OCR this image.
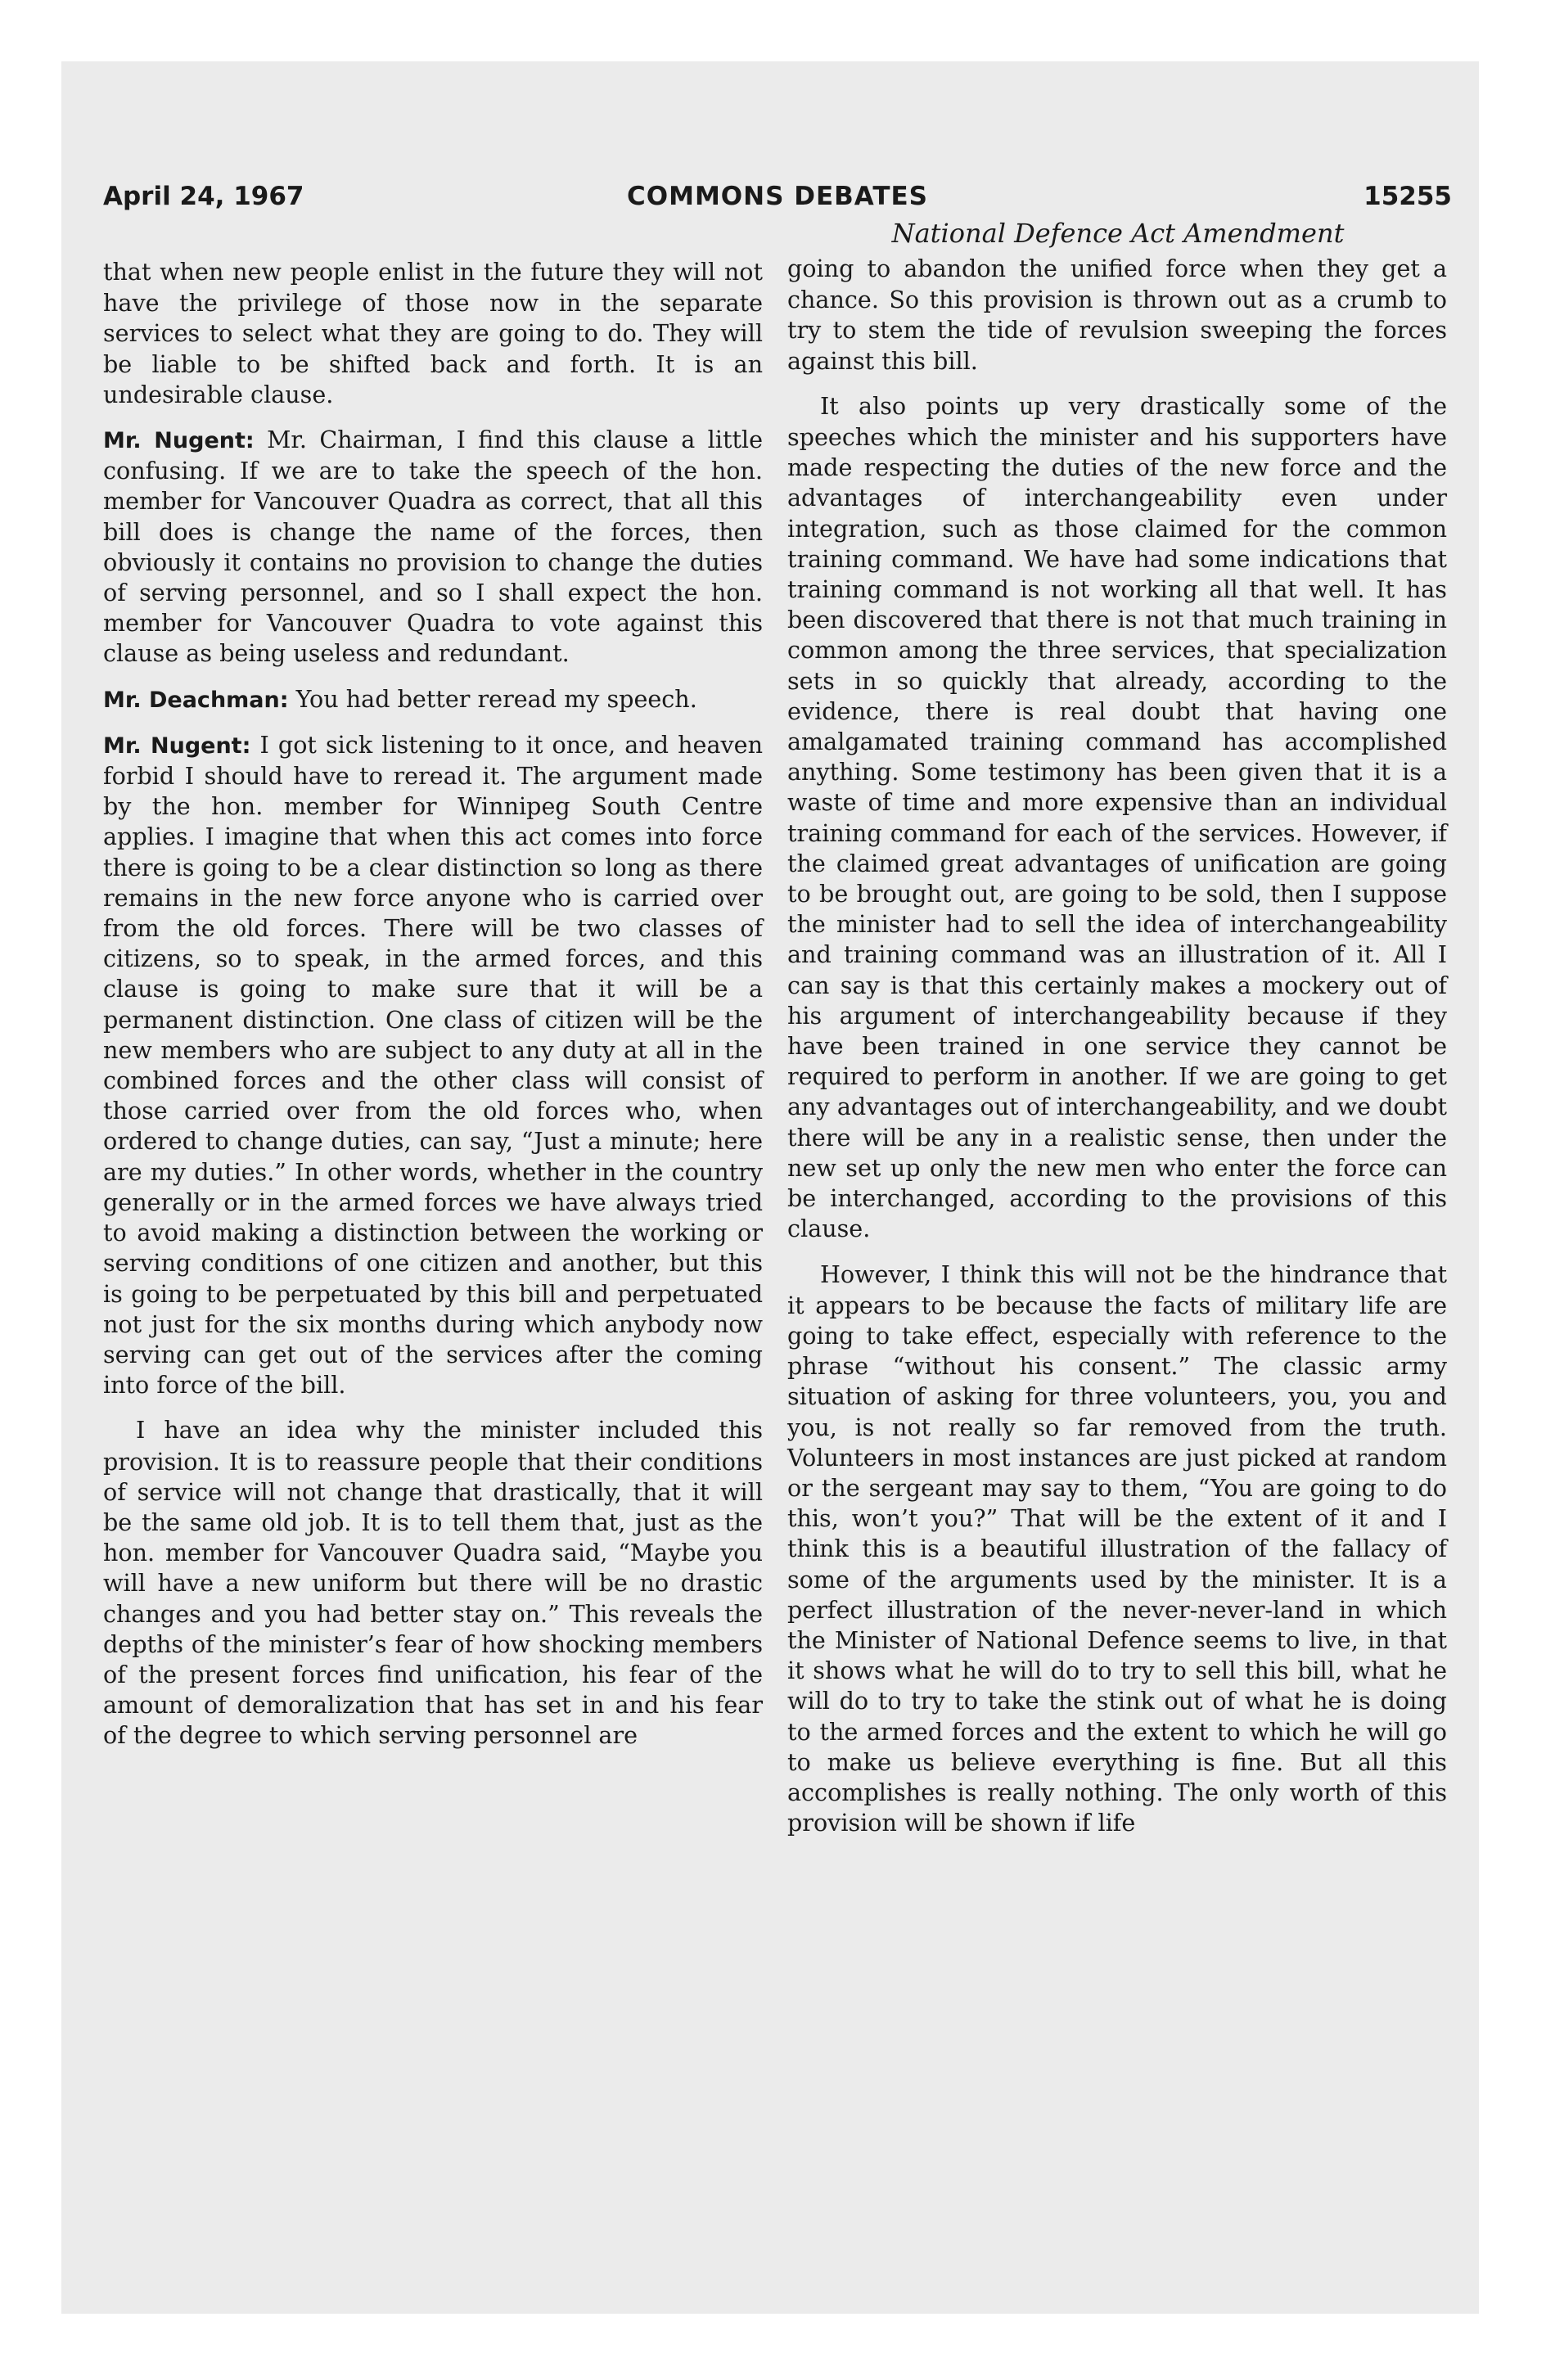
April 24, 1967	COMMONS DEBATES	15255
National Defence Act Amendment

that when new people enlist in the future they will not have the privilege of those now in the separate services to select what they are going to do. They will be liable to be shifted back and forth. It is an undesirable clause.

Mr. Nugent: Mr. Chairman, I find this clause a little confusing. If we are to take the speech of the hon. member for Vancouver Quadra as correct, that all this bill does is change the name of the forces, then obviously it contains no provision to change the duties of serving personnel, and so I shall expect the hon. member for Vancouver Quadra to vote against this clause as being useless and redundant.

Mr. Deachman: You had better reread my speech.

Mr. Nugent: I got sick listening to it once, and heaven forbid I should have to reread it. The argument made by the hon. member for Winnipeg South Centre applies. I imagine that when this act comes into force there is going to be a clear distinction so long as there remains in the new force anyone who is carried over from the old forces. There will be two classes of citizens, so to speak, in the armed forces, and this clause is going to make sure that it will be a permanent distinction. One class of citizen will be the new members who are subject to any duty at all in the combined forces and the other class will consist of those carried over from the old forces who, when ordered to change duties, can say, “Just a minute; here are my duties.” In other words, whether in the country generally or in the armed forces we have always tried to avoid making a distinction between the working or serving conditions of one citizen and another, but this is going to be perpetuated by this bill and perpetuated not just for the six months during which anybody now serving can get out of the services after the coming into force of the bill.

I have an idea why the minister included this provision. It is to reassure people that their conditions of service will not change that drastically, that it will be the same old job. It is to tell them that, just as the hon. member for Vancouver Quadra said, “Maybe you will have a new uniform but there will be no drastic changes and you had better stay on.” This reveals the depths of the minister’s fear of how shocking members of the present forces find unification, his fear of the amount of demoralization that has set in and his fear of the degree to which serving personnel are

going to abandon the unified force when they get a chance. So this provision is thrown out as a crumb to try to stem the tide of revulsion sweeping the forces against this bill.

It also points up very drastically some of the speeches which the minister and his supporters have made respecting the duties of the new force and the advantages of interchangeability even under integration, such as those claimed for the common training command. We have had some indications that training command is not working all that well. It has been discovered that there is not that much training in common among the three services, that specialization sets in so quickly that already, according to the evidence, there is real doubt that having one amalgamated training command has accomplished anything. Some testimony has been given that it is a waste of time and more expensive than an individual training command for each of the services. However, if the claimed great advantages of unification are going to be brought out, are going to be sold, then I suppose the minister had to sell the idea of interchangeability and training command was an illustration of it. All I can say is that this certainly makes a mockery out of his argument of interchangeability because if they have been trained in one service they cannot be required to perform in another. If we are going to get any advantages out of interchangeability, and we doubt there will be any in a realistic sense, then under the new set up only the new men who enter the force can be interchanged, according to the provisions of this clause.

However, I think this will not be the hindrance that it appears to be because the facts of military life are going to take effect, especially with reference to the phrase “without his consent.” The classic army situation of asking for three volunteers, you, you and you, is not really so far removed from the truth. Volunteers in most instances are just picked at random or the sergeant may say to them, “You are going to do this, won’t you?” That will be the extent of it and I think this is a beautiful illustration of the fallacy of some of the arguments used by the minister. It is a perfect illustration of the never-never-land in which the Minister of National Defence seems to live, in that it shows what he will do to try to sell this bill, what he will do to try to take the stink out of what he is doing to the armed forces and the extent to which he will go to make us believe everything is fine. But all this accomplishes is really nothing. The only worth of this provision will be shown if life
